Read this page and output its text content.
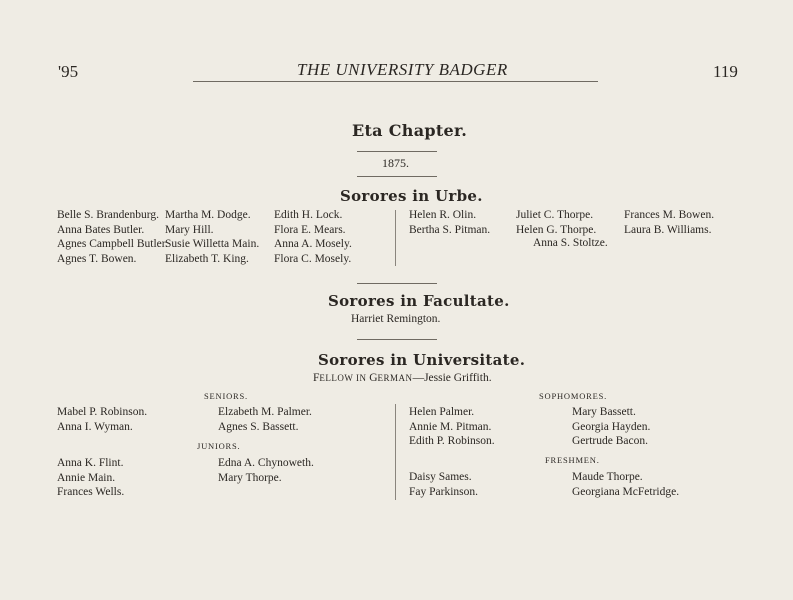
'95	THE UNIVERSITY BADGER	119
Eta Chapter.
1875.
Sorores in Urbe.
Belle S. Brandenburg.
Anna Bates Butler.
Agnes Campbell Butler.
Agnes T. Bowen.
Martha M. Dodge.
Mary Hill.
Susie Willetta Main.
Elizabeth T. King.
Edith H. Lock.
Flora E. Mears.
Anna A. Mosely.
Flora C. Mosely.
Helen R. Olin.
Bertha S. Pitman.
Juliet C. Thorpe.
Helen G. Thorpe.
Frances M. Bowen.
Laura B. Williams.
Anna S. Stoltze.
Sorores in Facultate.
Harriet Remington.
Sorores in Universitate.
FELLOW IN GERMAN—Jessie Griffith.
SENIORS.
JUNIORS.
SOPHOMORES.
FRESHMEN.
Mabel P. Robinson.
Anna I. Wyman.
Elzabeth M. Palmer.
Agnes S. Bassett.
Anna K. Flint.
Annie Main.
Frances Wells.
Edna A. Chynoweth.
Mary Thorpe.
Helen Palmer.
Annie M. Pitman.
Edith P. Robinson.
Mary Bassett.
Georgia Hayden.
Gertrude Bacon.
Daisy Sames.
Fay Parkinson.
Maude Thorpe.
Georgiana McFetridge.
